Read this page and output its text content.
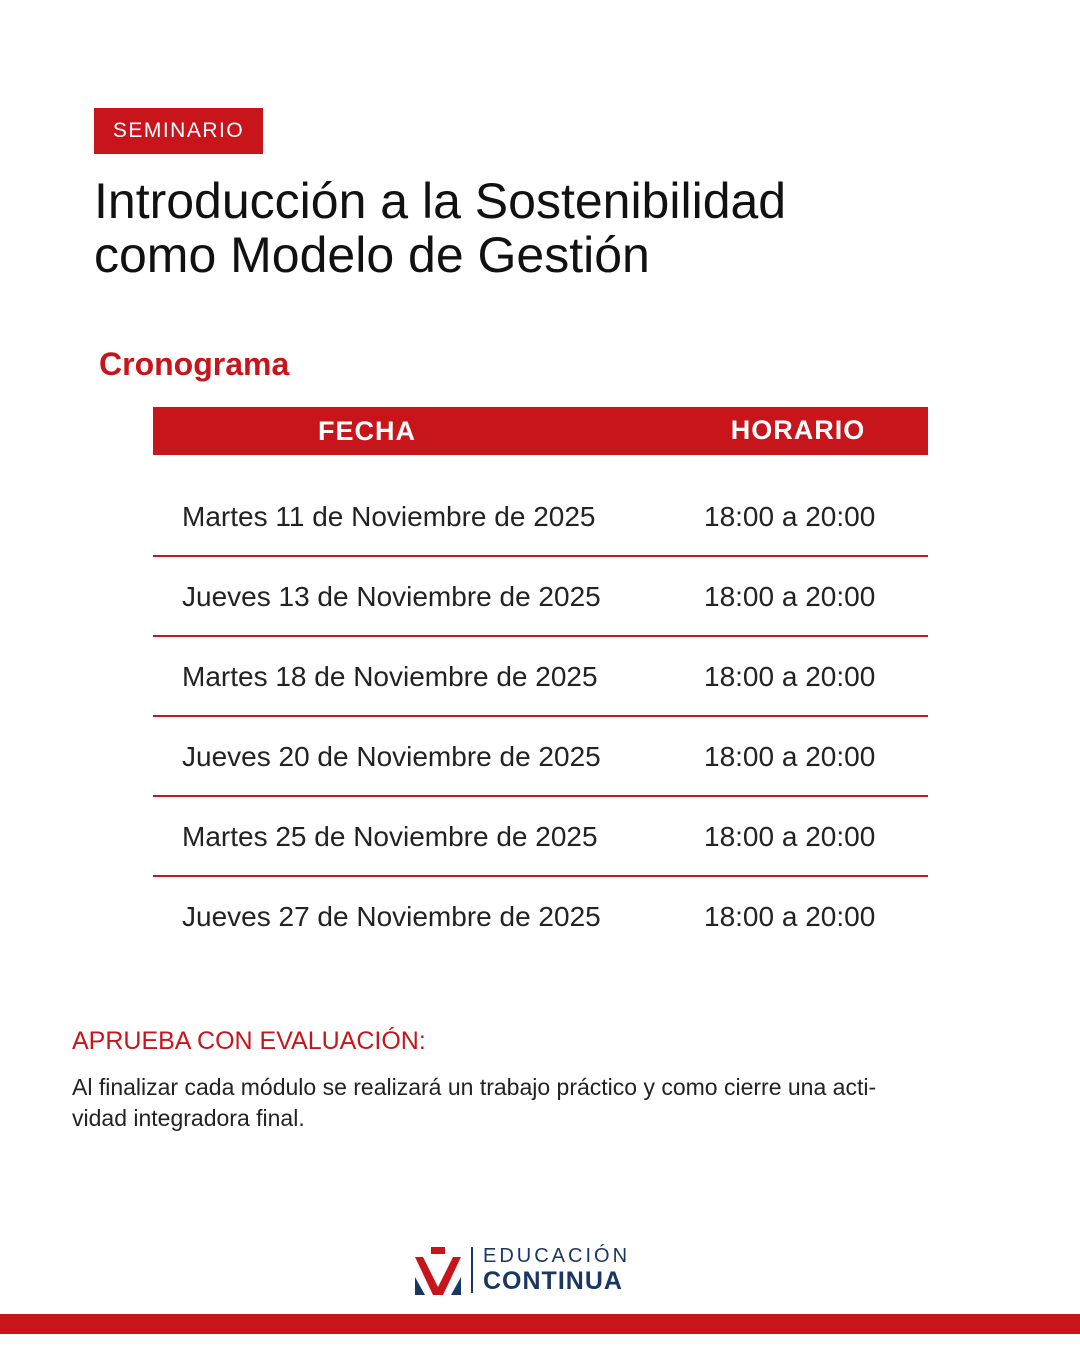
SEMINARIO
Introducción a la Sostenibilidad
como Modelo de Gestión
Cronograma
FECHA	HORARIO
Martes 11 de Noviembre de 2025	18:00 a 20:00
Jueves 13 de Noviembre de 2025	18:00 a 20:00
Martes 18 de Noviembre de 2025	18:00 a 20:00
Jueves 20 de Noviembre de 2025	18:00 a 20:00
Martes 25 de Noviembre de 2025	18:00 a 20:00
Jueves 27 de Noviembre de 2025	18:00 a 20:00

APRUEBA CON EVALUACIÓN:

Al finalizar cada módulo se realizará un trabajo práctico y como cierre una acti-
vidad integradora final.

EDUCACIÓN
CONTINUA
